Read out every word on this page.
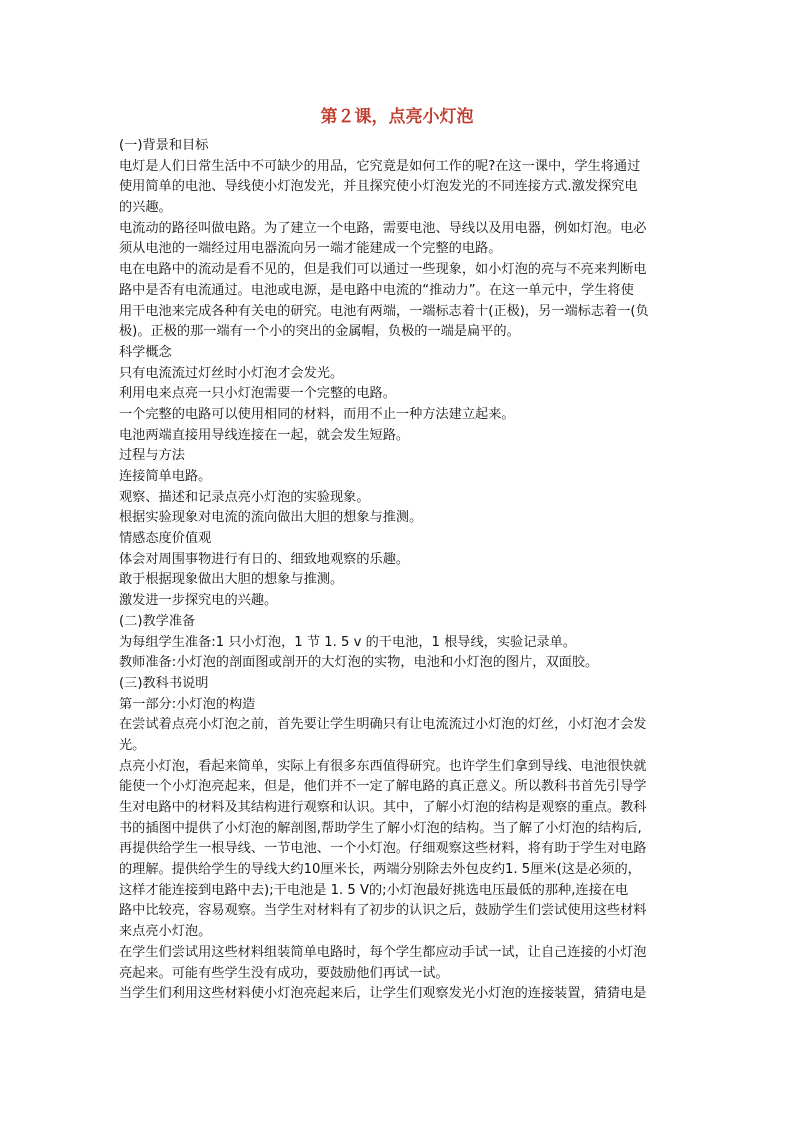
第２课，点亮小灯泡
(一)背景和目标
电灯是人们日常生活中不可缺少的用品，它究竟是如何工作的呢?在这一课中，学生将通过
使用简单的电池、导线使小灯泡发光，并且探究使小灯泡发光的不同连接方式.激发探究电
的兴趣。
电流动的路径叫做电路。为了建立一个电路，需要电池、导线以及用电器，例如灯泡。电必
须从电池的一端经过用电器流向另一端才能建成一个完整的电路。
电在电路中的流动是看不见的，但是我们可以通过一些现象，如小灯泡的亮与不亮来判断电
路中是否有电流通过。电池或电源，是电路中电流的“推动力”。在这一单元中，学生将使
用干电池来完成各种有关电的研究。电池有两端，一端标志着十(正极)，另一端标志着一(负
极)。正极的那一端有一个小的突出的金属帽，负极的一端是扁平的。
科学概念
只有电流流过灯丝时小灯泡才会发光。
利用电来点亮一只小灯泡需要一个完整的电路。
一个完整的电路可以使用相同的材料，而用不止一种方法建立起来。
电池两端直接用导线连接在一起，就会发生短路。
过程与方法
连接简单电路。
观察、描述和记录点亮小灯泡的实验现象。
根据实验现象对电流的流向做出大胆的想象与推测。
情感态度价值观
体会对周围事物进行有日的、细致地观察的乐趣。
敢于根据现象做出大胆的想象与推测。
激发进一步探究电的兴趣。
(二)教学准备
为每组学生准备:1 只小灯泡，1 节 1. 5 v 的干电池，1 根导线，实验记录单。
教师准备:小灯泡的剖面图或剖开的大灯泡的实物，电池和小灯泡的图片，双面胶。
(三)教科书说明
第一部分:小灯泡的构造
在尝试着点亮小灯泡之前，首先要让学生明确只有让电流流过小灯泡的灯丝，小灯泡才会发
光。
点亮小灯泡，看起来简单，实际上有很多东西值得研究。也许学生们拿到导线、电池很快就
能使一个小灯泡亮起来，但是，他们并不一定了解电路的真正意义。所以教科书首先引导学
生对电路中的材料及其结构进行观察和认识。其中，了解小灯泡的结构是观察的重点。教科
书的插图中提供了小灯泡的解剖图,帮助学生了解小灯泡的结构。当了解了小灯泡的结构后,
再提供给学生一根导线、一节电池、一个小灯泡。仔细观察这些材料，将有助于学生对电路
的理解。提供给学生的导线大约10厘米长，两端分别除去外包皮约1. 5厘米(这是必须的，
这样才能连接到电路中去);干电池是 1. 5 V的;小灯泡最好挑选电压最低的那种,连接在电
路中比较亮，容易观察。当学生对材料有了初步的认识之后，鼓励学生们尝试使用这些材料
来点亮小灯泡。
在学生们尝试用这些材料组装简单电路时，每个学生都应动手试一试，让自己连接的小灯泡
亮起来。可能有些学生没有成功，要鼓励他们再试一试。
当学生们利用这些材料使小灯泡亮起来后，让学生们观察发光小灯泡的连接装置，猜猜电是
